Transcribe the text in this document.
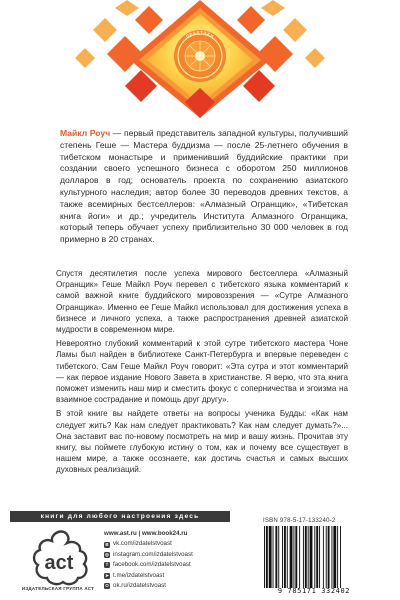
ПРАКТИКИ

Майкл Роуч — первый представитель западной культуры, получивший степень Геше — Мастера буддизма — после 25-летнего обучения в тибетском монастыре и применивший буддийские практики при создании своего успешного бизнеса с оборотом 250 миллионов долларов в год; основатель проекта по сохранению азиатского культурного наследия; автор более 30 переводов древних текстов, а также всемирных бестселлеров: «Алмазный Огранщик», «Тибетская книга йоги» и др.; учредитель Института Алмазного Огранщика, который теперь обучает успеху приблизительно 30 000 человек в год примерно в 20 странах.

Спустя десятилетия после успеха мирового бестселлера «Алмазный Огранщик» Геше Майкл Роуч перевел с тибетского языка комментарий к самой важной книге буддийского мировоззрения — «Сутре Алмазного Огранщика». Именно ее Геше Майкл использовал для достижения успеха в бизнесе и личного успеха, а также распространения древней азиатской мудрости в современном мире.

Невероятно глубокий комментарий к этой сутре тибетского мастера Чоне Ламы был найден в библиотеке Санкт-Петербурга и впервые переведен с тибетского. Сам Геше Майкл Роуч говорит: «Эта сутра и этот комментарий — как первое издание Нового Завета в христианстве. Я верю, что эта книга поможет изменить наш мир и сместить фокус с соперничества и эгоизма на взаимное сострадание и помощь друг другу».

В этой книге вы найдете ответы на вопросы ученика Будды: «Как нам следует жить? Как нам следует практиковать? Как нам следует думать?»... Она заставит вас по-новому посмотреть на мир и вашу жизнь. Прочитав эту книгу, вы поймете глубокую истину о том, как и почему все существует в нашем мире, а также осознаете, как достичь счастья и самых высших духовных реализаций.

книги для любого настроения здесь
act
ИЗДАТЕЛЬСКАЯ ГРУППА АСТ
www.ast.ru | www.book24.ru
В vk.com/izdatelstvoast
◎ instagram.com/izdatelstvoast
f facebook.com/izdatelstvoast
➤ t.me/izdatelstvoast
О ok.ru/izdatelstvoast
ISBN 978-5-17-133240-2
9 785171 332402
